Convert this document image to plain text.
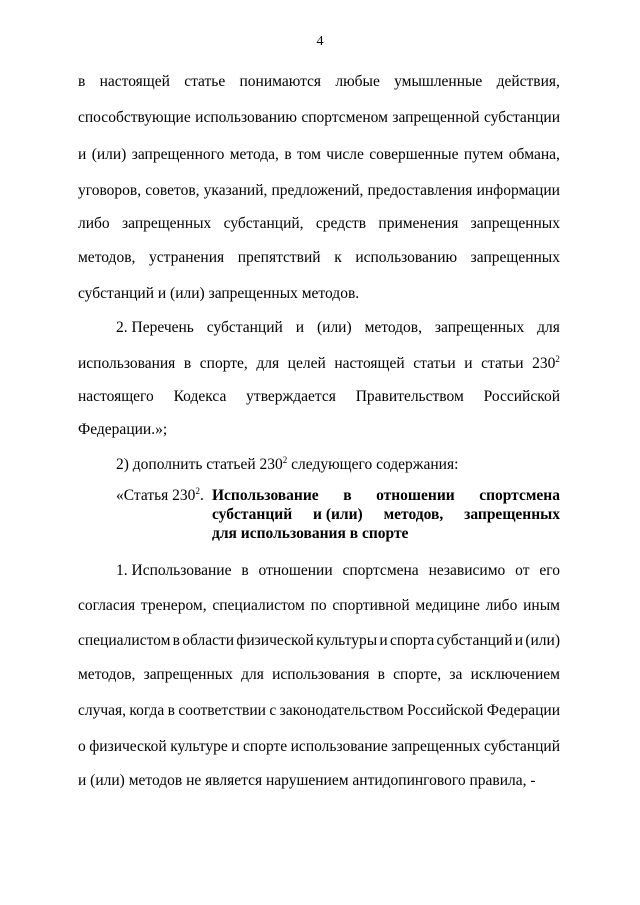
4
в настоящей статье понимаются любые умышленные действия,
способствующие использованию спортсменом запрещенной субстанции
и (или) запрещенного метода, в том числе совершенные путем обмана,
уговоров, советов, указаний, предложений, предоставления информации
либо запрещенных субстанций, средств применения запрещенных
методов, устранения препятствий к использованию запрещенных
субстанций и (или) запрещенных методов.
2. Перечень субстанций и (или) методов, запрещенных для
использования в спорте, для целей настоящей статьи и статьи $230^2$
настоящего Кодекса утверждается Правительством Российской
Федерации.»;
2) дополнить статьей $230^2$ следующего содержания:
«Статья $230^2$. Использование в отношении спортсмена
субстанций и (или) методов, запрещенных
для использования в спорте
1. Использование в отношении спортсмена независимо от его
согласия тренером, специалистом по спортивной медицине либо иным
специалистом в области физической культуры и спорта субстанций и (или)
методов, запрещенных для использования в спорте, за исключением
случая, когда в соответствии с законодательством Российской Федерации
о физической культуре и спорте использование запрещенных субстанций
и (или) методов не является нарушением антидопингового правила, -
